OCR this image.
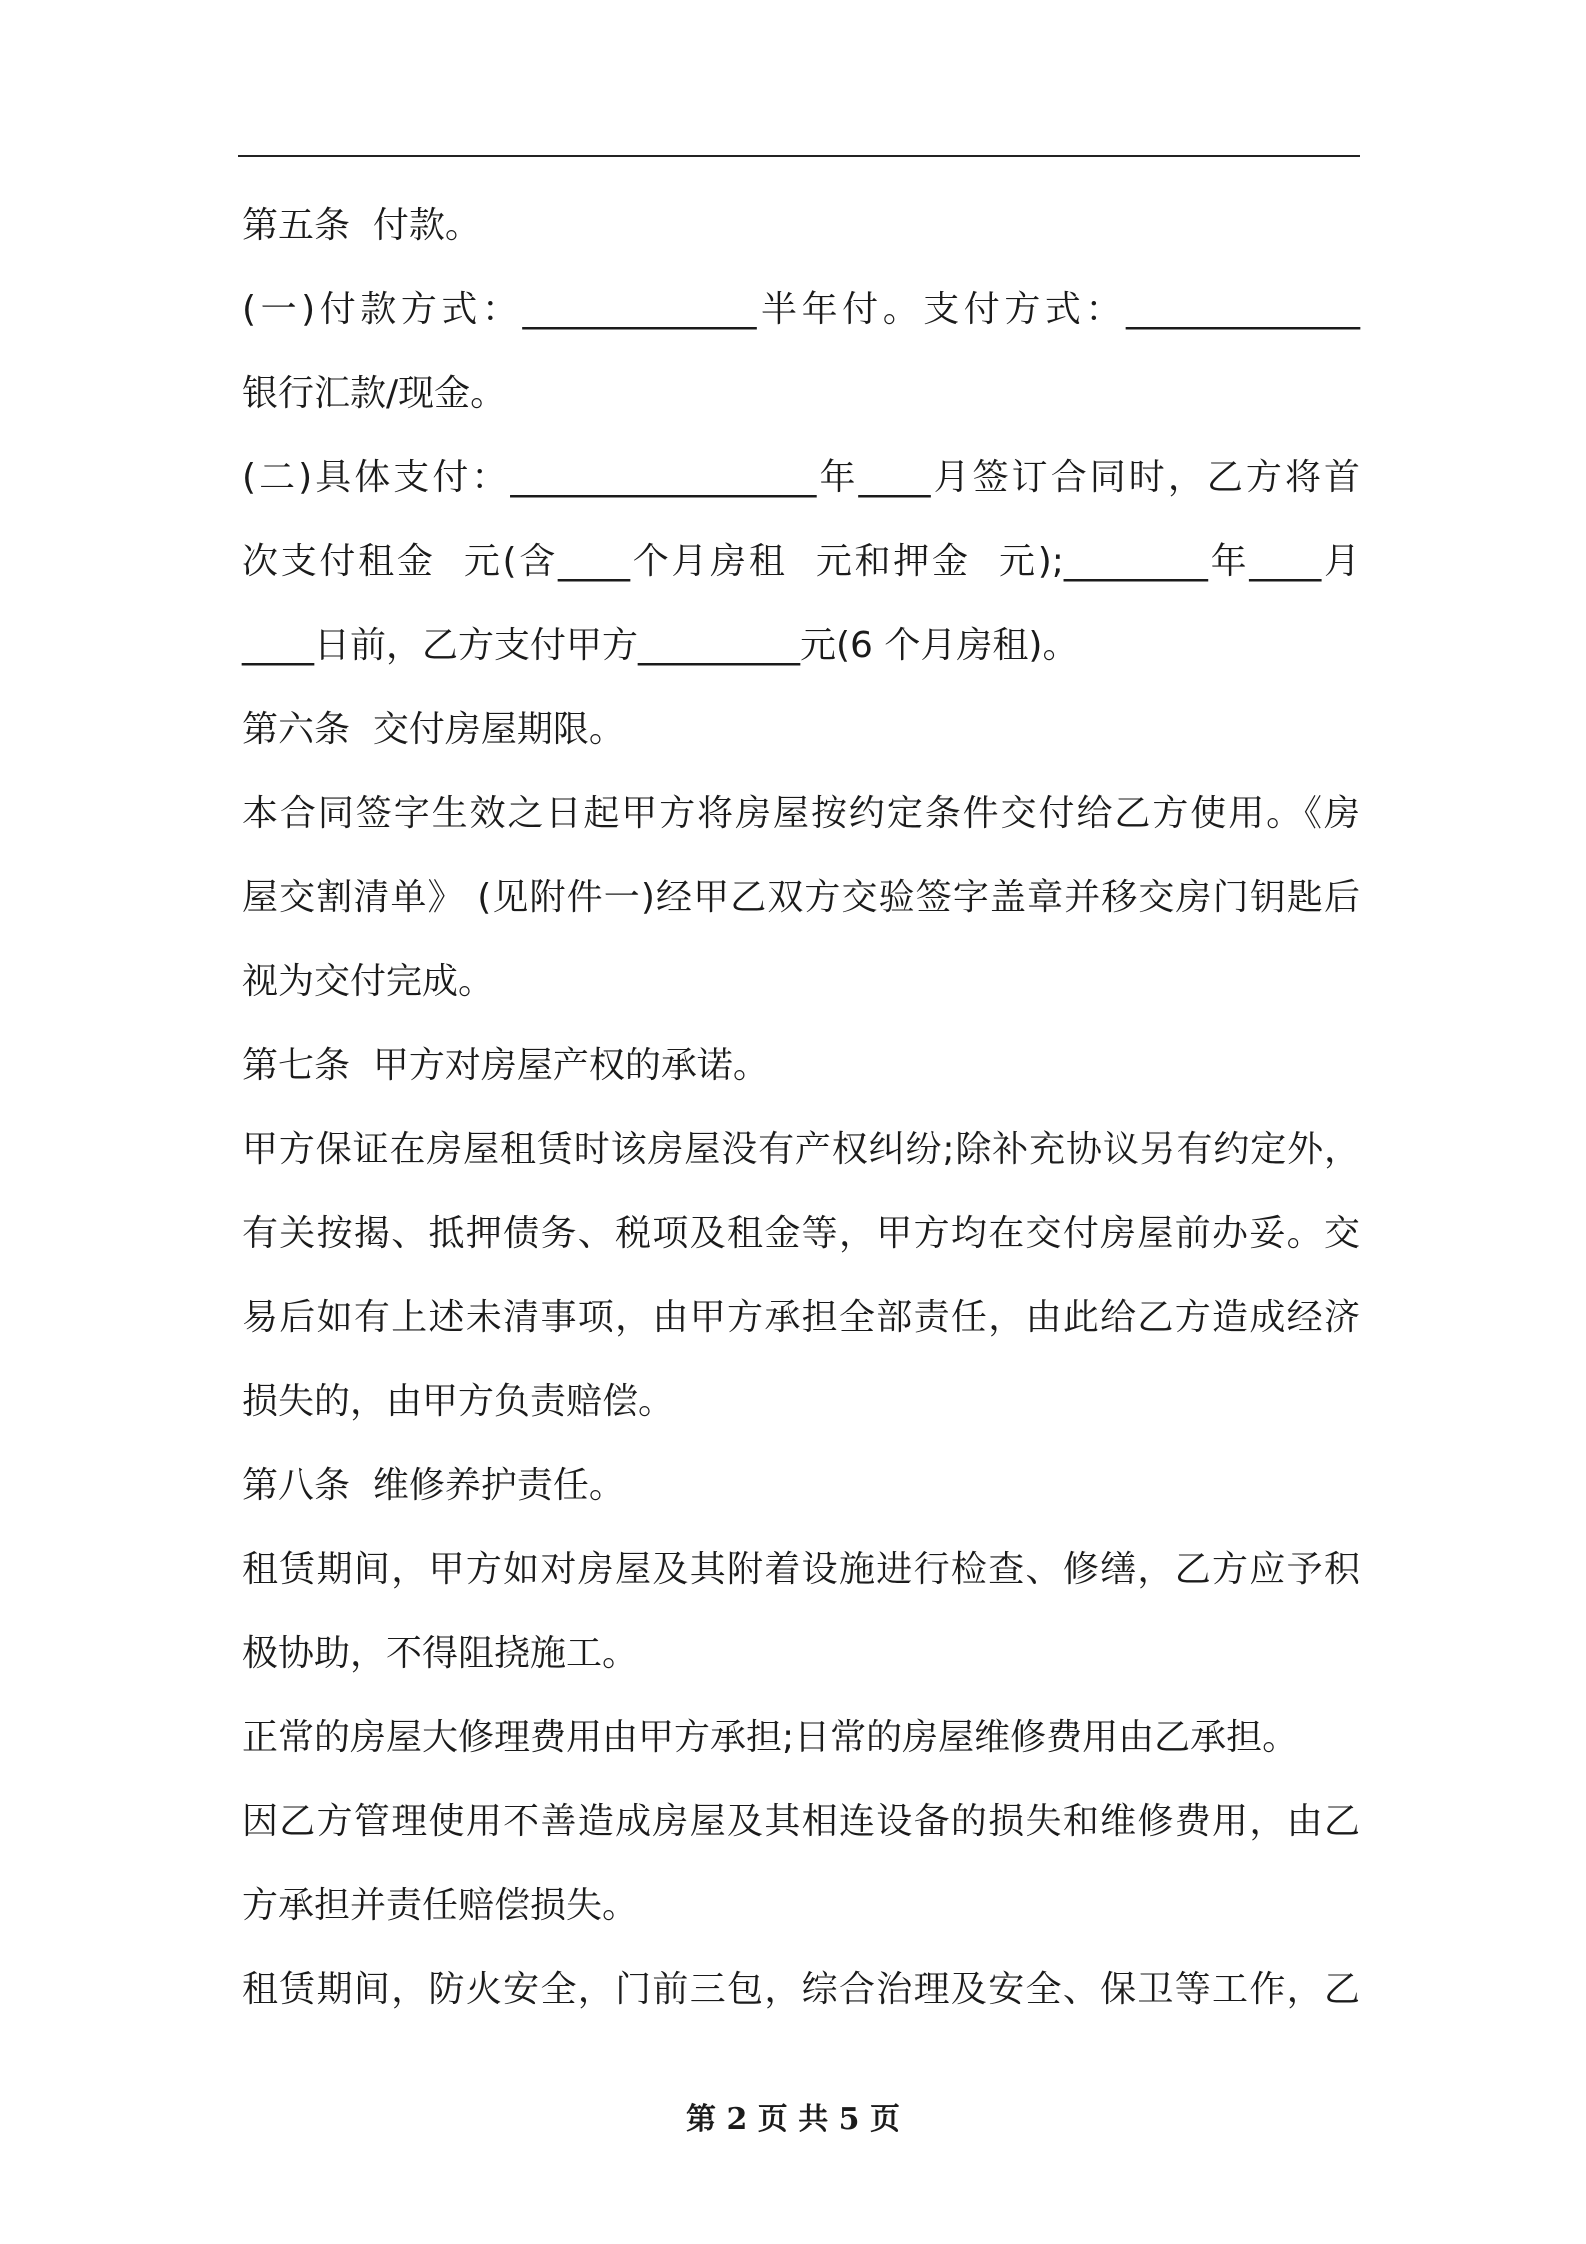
第五条  付款。
(一)付款方式：_____________半年付。支付方式：_____________
银行汇款/现金。
(二)具体支付：_________________年____月签订合同时，乙方将首
次支付租金  元(含____个月房租  元和押金  元);________年____月
____日前，乙方支付甲方_________元(6 个月房租)。
第六条  交付房屋期限。
本合同签字生效之日起甲方将房屋按约定条件交付给乙方使用。《房
屋交割清单》 (见附件一)经甲乙双方交验签字盖章并移交房门钥匙后
视为交付完成。
第七条  甲方对房屋产权的承诺。
甲方保证在房屋租赁时该房屋没有产权纠纷;除补充协议另有约定外，
有关按揭、抵押债务、税项及租金等，甲方均在交付房屋前办妥。交
易后如有上述未清事项，由甲方承担全部责任，由此给乙方造成经济
损失的，由甲方负责赔偿。
第八条  维修养护责任。
租赁期间，甲方如对房屋及其附着设施进行检查、修缮，乙方应予积
极协助，不得阻挠施工。
正常的房屋大修理费用由甲方承担;日常的房屋维修费用由乙承担。
因乙方管理使用不善造成房屋及其相连设备的损失和维修费用，由乙
方承担并责任赔偿损失。
租赁期间，防火安全，门前三包，综合治理及安全、保卫等工作，乙
第 2 页 共 5 页
